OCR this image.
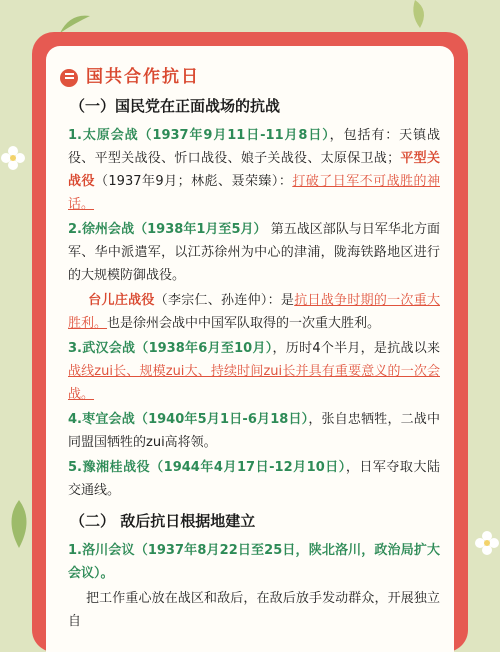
国共合作抗日
（一）国民党在正面战场的抗战

1.太原会战（1937年9月11日-11月8日），包括有：天镇战役、平型关战役、忻口战役、娘子关战役、太原保卫战；平型关战役（1937年9月；林彪、聂荣臻）：打破了日军不可战胜的神话。

2.徐州会战（1938年1月至5月） 第五战区部队与日军华北方面军、华中派遣军，以江苏徐州为中心的津浦，陇海铁路地区进行的大规模防御战役。

台儿庄战役（李宗仁、孙连仲）：是抗日战争时期的一次重大胜利。也是徐州会战中中国军队取得的一次重大胜利。

3.武汉会战（1938年6月至10月），历时4个半月，是抗战以来战线zui长、规模zui大、持续时间zui长并具有重要意义的一次会战。

4.枣宜会战（1940年5月1日-6月18日），张自忠牺牲，二战中同盟国牺牲的zui高将领。

5.豫湘桂战役（1944年4月17日-12月10日），日军夺取大陆交通线。

（二） 敌后抗日根据地建立

1.洛川会议（1937年8月22日至25日，陕北洛川，政治局扩大会议）。

把工作重心放在战区和敌后，在敌后放手发动群众，开展独立自
